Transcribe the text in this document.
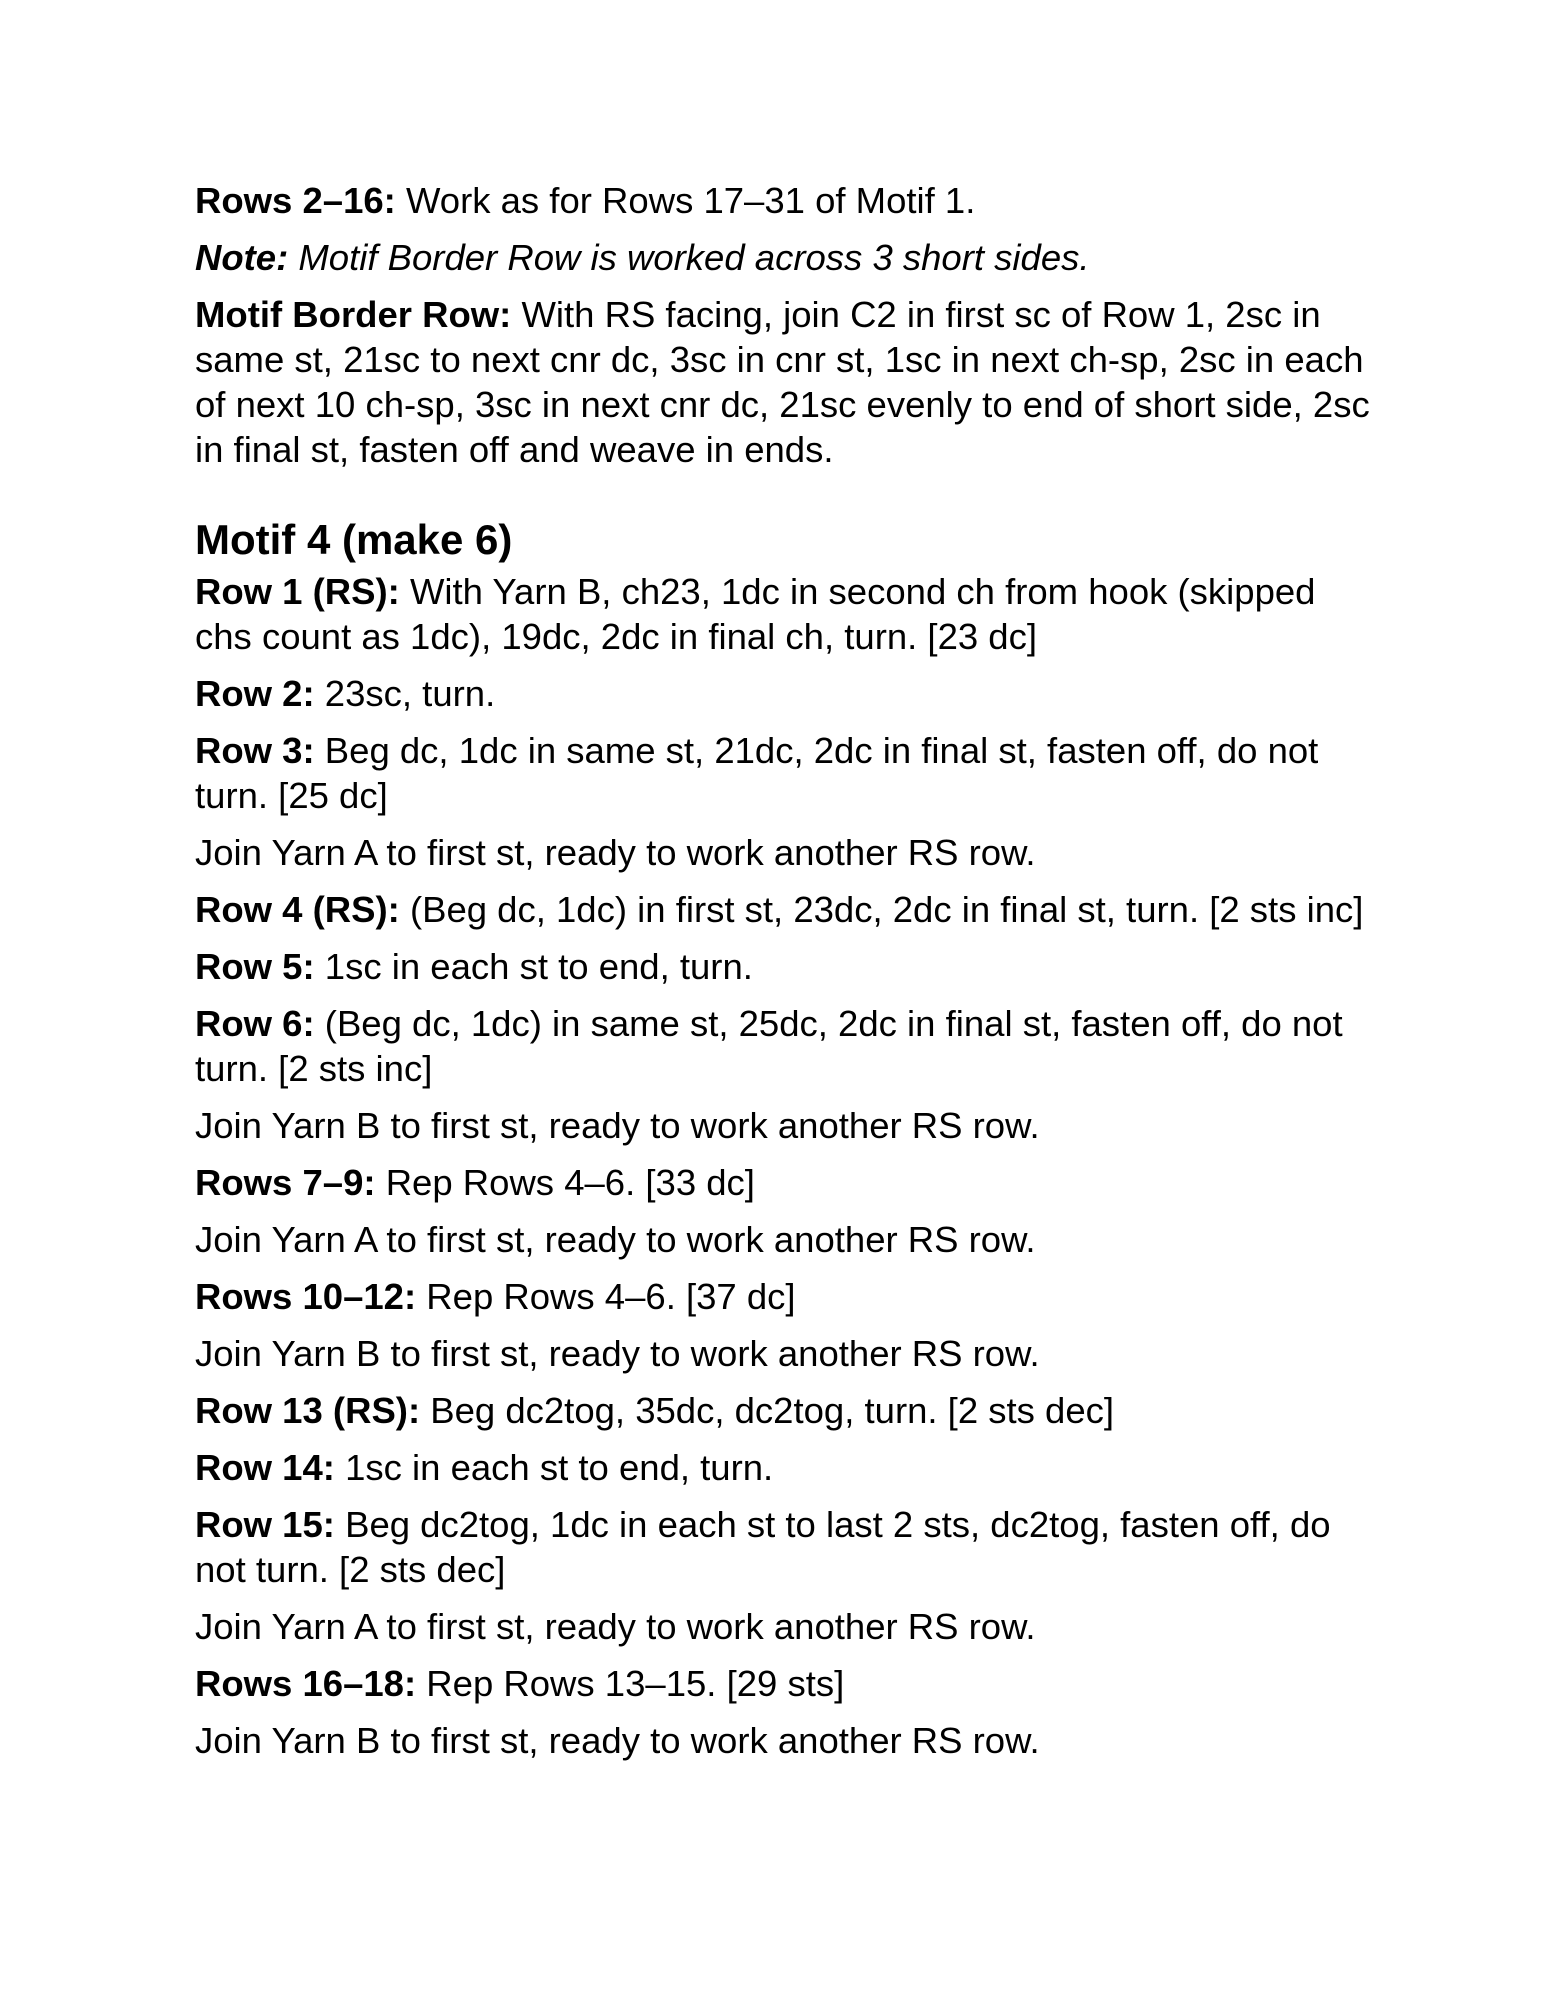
Rows 2–16: Work as for Rows 17–31 of Motif 1.

Note: Motif Border Row is worked across 3 short sides.

Motif Border Row: With RS facing, join C2 in first sc of Row 1, 2sc in same st, 21sc to next cnr dc, 3sc in cnr st, 1sc in next ch-sp, 2sc in each of next 10 ch-sp, 3sc in next cnr dc, 21sc evenly to end of short side, 2sc in final st, fasten off and weave in ends.

Motif 4 (make 6)

Row 1 (RS): With Yarn B, ch23, 1dc in second ch from hook (skipped chs count as 1dc), 19dc, 2dc in final ch, turn. [23 dc]

Row 2: 23sc, turn.

Row 3: Beg dc, 1dc in same st, 21dc, 2dc in final st, fasten off, do not turn. [25 dc]

Join Yarn A to first st, ready to work another RS row.

Row 4 (RS): (Beg dc, 1dc) in first st, 23dc, 2dc in final st, turn. [2 sts inc]

Row 5: 1sc in each st to end, turn.

Row 6: (Beg dc, 1dc) in same st, 25dc, 2dc in final st, fasten off, do not turn. [2 sts inc]

Join Yarn B to first st, ready to work another RS row.

Rows 7–9: Rep Rows 4–6. [33 dc]

Join Yarn A to first st, ready to work another RS row.

Rows 10–12: Rep Rows 4–6. [37 dc]

Join Yarn B to first st, ready to work another RS row.

Row 13 (RS): Beg dc2tog, 35dc, dc2tog, turn. [2 sts dec]

Row 14: 1sc in each st to end, turn.

Row 15: Beg dc2tog, 1dc in each st to last 2 sts, dc2tog, fasten off, do not turn. [2 sts dec]

Join Yarn A to first st, ready to work another RS row.

Rows 16–18: Rep Rows 13–15. [29 sts]

Join Yarn B to first st, ready to work another RS row.
